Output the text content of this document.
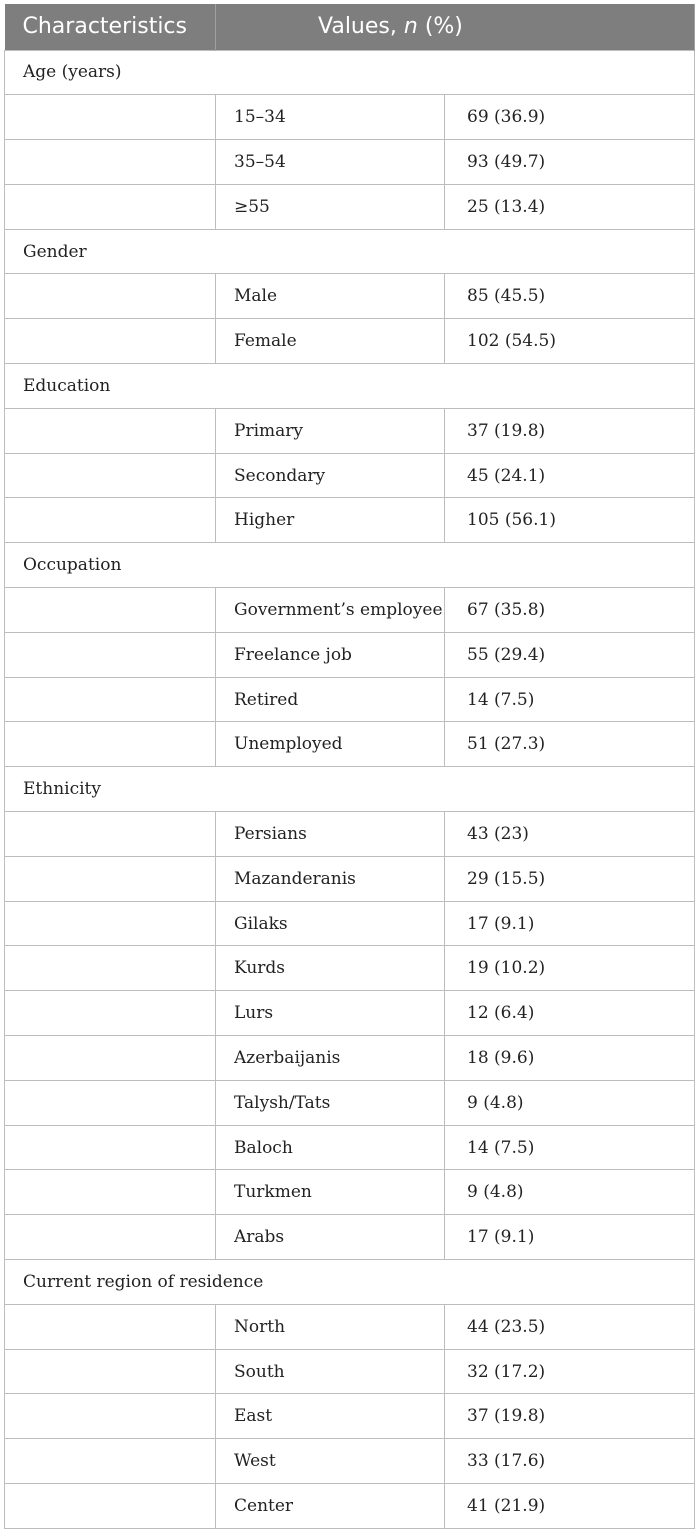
Characteristics	Values, n (%)	
Age (years)		
	15–34	69 (36.9)
	35–54	93 (49.7)
	≥55	25 (13.4)
Gender		
	Male	85 (45.5)
	Female	102 (54.5)
Education		
	Primary	37 (19.8)
	Secondary	45 (24.1)
	Higher	105 (56.1)
Occupation		
	Government’s employee	67 (35.8)
	Freelance job	55 (29.4)
	Retired	14 (7.5)
	Unemployed	51 (27.3)
Ethnicity		
	Persians	43 (23)
	Mazanderanis	29 (15.5)
	Gilaks	17 (9.1)
	Kurds	19 (10.2)
	Lurs	12 (6.4)
	Azerbaijanis	18 (9.6)
	Talysh/Tats	9 (4.8)
	Baloch	14 (7.5)
	Turkmen	9 (4.8)
	Arabs	17 (9.1)
Current region of residence		
	North	44 (23.5)
	South	32 (17.2)
	East	37 (19.8)
	West	33 (17.6)
	Center	41 (21.9)
